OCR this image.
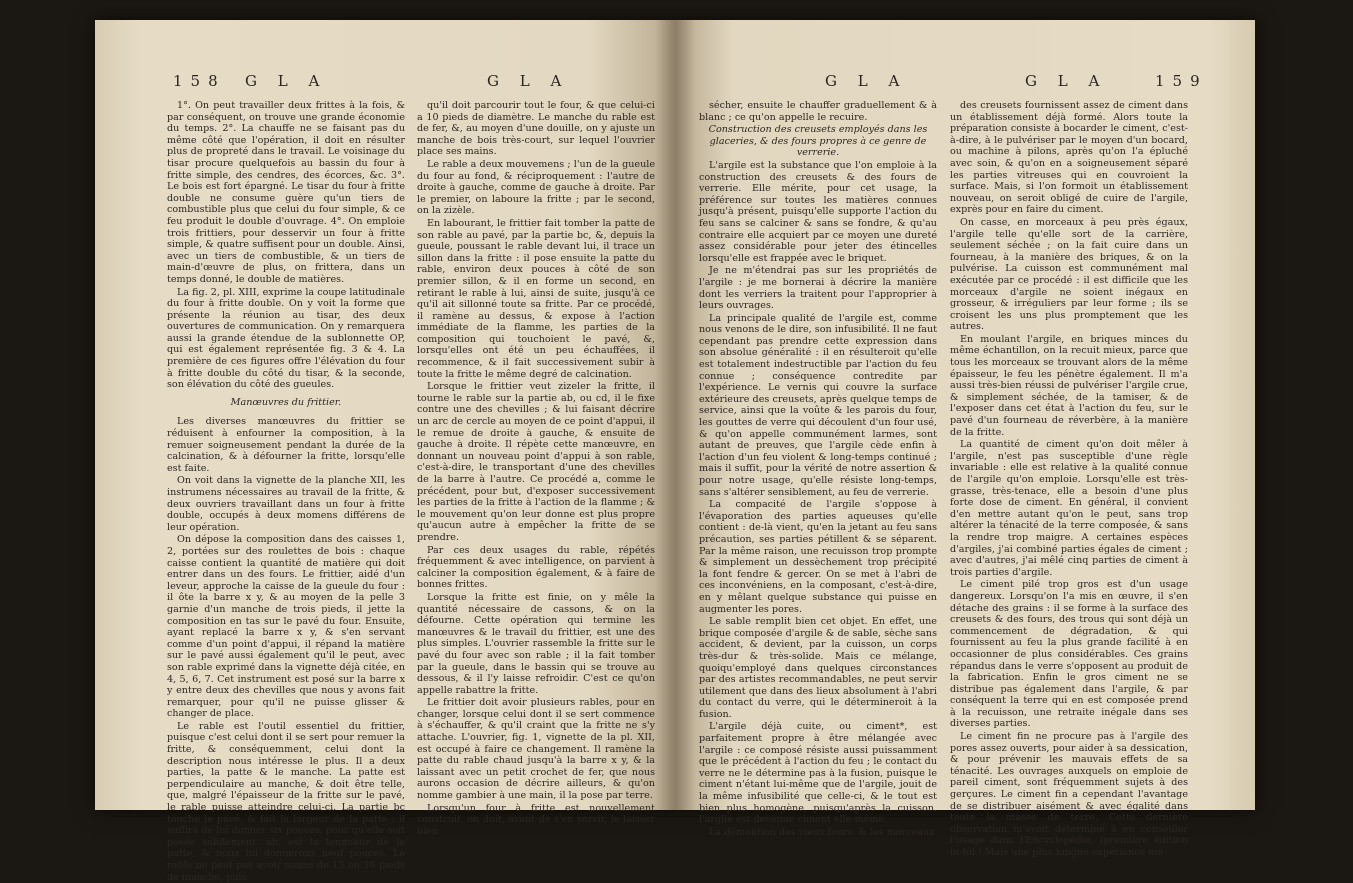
158 G L A	G L A

1°. On peut travailler deux frittes à la fois, & par conséquent, on trouve une grande économie du temps. 2°. La chauffe ne se faisant pas du même côté que l'opération, il doit en résulter plus de propreté dans le travail. Le voisinage du tisar procure quelquefois au bassin du four à fritte simple, des cendres, des écorces, &c. 3°. Le bois est fort épargné. Le tisar du four à fritte double ne consume guère qu'un tiers de combustible plus que celui du four simple, & ce feu produit le double d'ouvrage. 4°. On emploie trois frittiers, pour desservir un four à fritte simple, & quatre suffisent pour un double. Ainsi, avec un tiers de combustible, & un tiers de main-d'œuvre de plus, on frittera, dans un temps donné, le double de matières.

La fig. 2, pl. XIII, exprime la coupe latitudinale du four à fritte double. On y voit la forme que présente la réunion au tisar, des deux ouvertures de communication. On y remarquera aussi la grande étendue de la sublonnette OP, qui est également représentée fig. 3 & 4. La première de ces figures offre l'élévation du four à fritte double du côté du tisar, & la seconde, son élévation du côté des gueules.

Manœuvres du frittier.

Les diverses manœuvres du frittier se réduisent à enfourner la composition, à la remuer soigneusement pendant la durée de la calcination, & à défourner la fritte, lorsqu'elle est faite.

On voit dans la vignette de la planche XII, les instrumens nécessaires au travail de la fritte, & deux ouvriers travaillant dans un four à fritte double, occupés à deux momens différens de leur opération.

On dépose la composition dans des caisses 1, 2, portées sur des roulettes de bois : chaque caisse contient la quantité de matière qui doit entrer dans un des fours. Le frittier, aidé d'un leveur, approche la caisse de la gueule du four : il ôte la barre x y, & au moyen de la pelle 3 garnie d'un manche de trois pieds, il jette la composition en tas sur le pavé du four. Ensuite, ayant replacé la barre x y, & s'en servant comme d'un point d'appui, il répand la matière sur le pavé aussi également qu'il le peut, avec son rable exprimé dans la vignette déjà citée, en 4, 5, 6, 7. Cet instrument est posé sur la barre x y entre deux des chevilles que nous y avons fait remarquer, pour qu'il ne puisse glisser & changer de place.

Le rable est l'outil essentiel du frittier, puisque c'est celui dont il se sert pour remuer la fritte, & conséquemment, celui dont la description nous intéresse le plus. Il a deux parties, la patte & le manche. La patte est perpendiculaire au manche, & doit être telle, que, malgré l'épaisseur de la fritte sur le pavé, le rable puisse atteindre celui-ci. La partie bc touche le pavé, & fait la largeur de la patte : il suffira de lui donner six pouces, pour qu'elle soit posée solidement. ab, est la longueur de la patte, & nous lui donnerons neuf pouces. Le rable ne peut pas avoir moins de 15 ou 16 pieds de manche, puis-

qu'il doit parcourir tout le four, & que celui-ci a 10 pieds de diamètre. Le manche du rable est de fer, &, au moyen d'une douille, on y ajuste un manche de bois très-court, sur lequel l'ouvrier place ses mains.

Le rable a deux mouvemens ; l'un de la gueule du four au fond, & réciproquement : l'autre de droite à gauche, comme de gauche à droite. Par le premier, on laboure la fritte ; par le second, on la zizèle.

En labourant, le frittier fait tomber la patte de son rable au pavé, par la partie bc, &, depuis la gueule, poussant le rable devant lui, il trace un sillon dans la fritte : il pose ensuite la patte du rable, environ deux pouces à côté de son premier sillon, & il en forme un second, en retirant le rable à lui, ainsi de suite, jusqu'à ce qu'il ait sillonné toute sa fritte. Par ce procédé, il ramène au dessus, & expose à l'action immédiate de la flamme, les parties de la composition qui touchoient le pavé, &, lorsqu'elles ont été un peu échauffées, il recommence, & il fait successivement subir à toute la fritte le même degré de calcination.

Lorsque le frittier veut zizeler la fritte, il tourne le rable sur la partie ab, ou cd, il le fixe contre une des chevilles ; & lui faisant décrire un arc de cercle au moyen de ce point d'appui, il le remue de droite à gauche, & ensuite de gauche à droite. Il répète cette manœuvre, en donnant un nouveau point d'appui à son rable, c'est-à-dire, le transportant d'une des chevilles de la barre à l'autre. Ce procédé a, comme le précédent, pour but, d'exposer successivement les parties de la fritte à l'action de la flamme ; & le mouvement qu'on leur donne est plus propre qu'aucun autre à empêcher la fritte de se prendre.

Par ces deux usages du rable, répétés fréquemment & avec intelligence, on parvient à calciner la composition également, & à faire de bonnes frittes.

Lorsque la fritte est finie, on y mêle la quantité nécessaire de cassons, & on la défourne. Cette opération qui termine les manœuvres & le travail du frittier, est une des plus simples. L'ouvrier rassemble la fritte sur le pavé du four avec son rable ; il la fait tomber par la gueule, dans le bassin qui se trouve au dessous, & il l'y laisse refroidir. C'est ce qu'on appelle rabattre la fritte.

Le frittier doit avoir plusieurs rables, pour en changer, lorsque celui dont il se sert commence à s'échauffer, & qu'il craint que la fritte ne s'y attache. L'ouvrier, fig. 1, vignette de la pl. XII, est occupé à faire ce changement. Il ramène la patte du rable chaud jusqu'à la barre x y, & la laissant avec un petit crochet de fer, que nous aurons occasion de décrire ailleurs, & qu'on nomme gambier à une main, il la pose par terre.

Lorsqu'un four à fritte est nouvellement construit, on doit, avant de s'en servir, le laisser bien

G L A	G L A	159

sécher, ensuite le chauffer graduellement & à blanc ; ce qu'on appelle le recuire.

Construction des creusets employés dans les glaceries, & des fours propres à ce genre de verrerie.

L'argile est la substance que l'on emploie à la construction des creusets & des fours de verrerie. Elle mérite, pour cet usage, la préférence sur toutes les matières connues jusqu'à présent, puisqu'elle supporte l'action du feu sans se calciner & sans se fondre, & qu'au contraire elle acquiert par ce moyen une dureté assez considérable pour jeter des étincelles lorsqu'elle est frappée avec le briquet.

Je ne m'étendrai pas sur les propriétés de l'argile : je me bornerai à décrire la manière dont les verriers la traitent pour l'approprier à leurs ouvrages.

La principale qualité de l'argile est, comme nous venons de le dire, son infusibilité. Il ne faut cependant pas prendre cette expression dans son absolue généralité : il en résulteroit qu'elle est totalement indestructible par l'action du feu connue ; conséquence contredite par l'expérience. Le vernis qui couvre la surface extérieure des creusets, après quelque temps de service, ainsi que la voûte & les parois du four, les gouttes de verre qui découlent d'un four usé, & qu'on appelle communément larmes, sont autant de preuves, que l'argile cède enfin à l'action d'un feu violent & long-temps continué ; mais il suffit, pour la vérité de notre assertion & pour notre usage, qu'elle résiste long-temps, sans s'altérer sensiblement, au feu de verrerie.

La compacité de l'argile s'oppose à l'évaporation des parties aqueuses qu'elle contient : de-là vient, qu'en la jetant au feu sans précaution, ses parties pétillent & se séparent. Par la même raison, une recuisson trop prompte & simplement un dessèchement trop précipité la font fendre & gercer. On se met à l'abri de ces inconvéniens, en la composant, c'est-à-dire, en y mêlant quelque substance qui puisse en augmenter les pores.

Le sable remplit bien cet objet. En effet, une brique composée d'argile & de sable, sèche sans accident, & devient, par la cuisson, un corps très-dur & très-solide. Mais ce mélange, quoiqu'employé dans quelques circonstances par des artistes recommandables, ne peut servir utilement que dans des lieux absolument à l'abri du contact du verre, qui le détermineroit à la fusion.

L'argile déjà cuite, ou ciment*, est parfaitement propre à être mélangée avec l'argile : ce composé résiste aussi puissamment que le précédent à l'action du feu ; le contact du verre ne le détermine pas à la fusion, puisque le ciment n'étant lui-même que de l'argile, jouit de la même infusibilité que celle-ci, & le tout est bien plus homogène, puisqu'après la cuisson, l'argile est devenue ciment elle-même.

La démolition des vieux fours, & les morceaux

des creusets fournissent assez de ciment dans un établissement déjà formé. Alors toute la préparation consiste à bocarder le ciment, c'est-à-dire, à le pulvériser par le moyen d'un bocard, ou machine à pilons, après qu'on l'a épluché avec soin, & qu'on en a soigneusement séparé les parties vitreuses qui en couvroient la surface. Mais, si l'on formoit un établissement nouveau, on seroit obligé de cuire de l'argile, exprès pour en faire du ciment.

On casse, en morceaux à peu près égaux, l'argile telle qu'elle sort de la carrière, seulement séchée ; on la fait cuire dans un fourneau, à la manière des briques, & on la pulvérise. La cuisson est communément mal exécutée par ce procédé : il est difficile que les morceaux d'argile ne soient inégaux en grosseur, & irréguliers par leur forme ; ils se croisent les uns plus promptement que les autres.

En moulant l'argile, en briques minces du même échantillon, on la recuit mieux, parce que tous les morceaux se trouvant alors de la même épaisseur, le feu les pénètre également. Il m'a aussi très-bien réussi de pulvériser l'argile crue, & simplement séchée, de la tamiser, & de l'exposer dans cet état à l'action du feu, sur le pavé d'un fourneau de réverbère, à la manière de la fritte.

La quantité de ciment qu'on doit mêler à l'argile, n'est pas susceptible d'une règle invariable : elle est relative à la qualité connue de l'argile qu'on emploie. Lorsqu'elle est très-grasse, très-tenace, elle a besoin d'une plus forte dose de ciment. En général, il convient d'en mettre autant qu'on le peut, sans trop altérer la ténacité de la terre composée, & sans la rendre trop maigre. A certaines espèces d'argiles, j'ai combiné parties égales de ciment ; avec d'autres, j'ai mêlé cinq parties de ciment à trois parties d'argile.

Le ciment pilé trop gros est d'un usage dangereux. Lorsqu'on l'a mis en œuvre, il s'en détache des grains : il se forme à la surface des creusets & des fours, des trous qui sont déjà un commencement de dégradation, & qui fournissent au feu la plus grande facilité à en occasionner de plus considérables. Ces grains répandus dans le verre s'opposent au produit de la fabrication. Enfin le gros ciment ne se distribue pas également dans l'argile, & par conséquent la terre qui en est composée prend à la recuisson, une retraite inégale dans ses diverses parties.

Le ciment fin ne procure pas à l'argile des pores assez ouverts, pour aider à sa dessication, & pour prévenir les mauvais effets de sa ténacité. Les ouvrages auxquels on emploie de pareil ciment, sont fréquemment sujets à des gerçures. Le ciment fin a cependant l'avantage de se distribuer aisément & avec égalité dans toute la masse de terre. Cette dernière observation m'avoit déterminé à en conseiller l'usage dans l'Encyclopédie, (première édition in-fol.) Mais une plus longue expérience me
